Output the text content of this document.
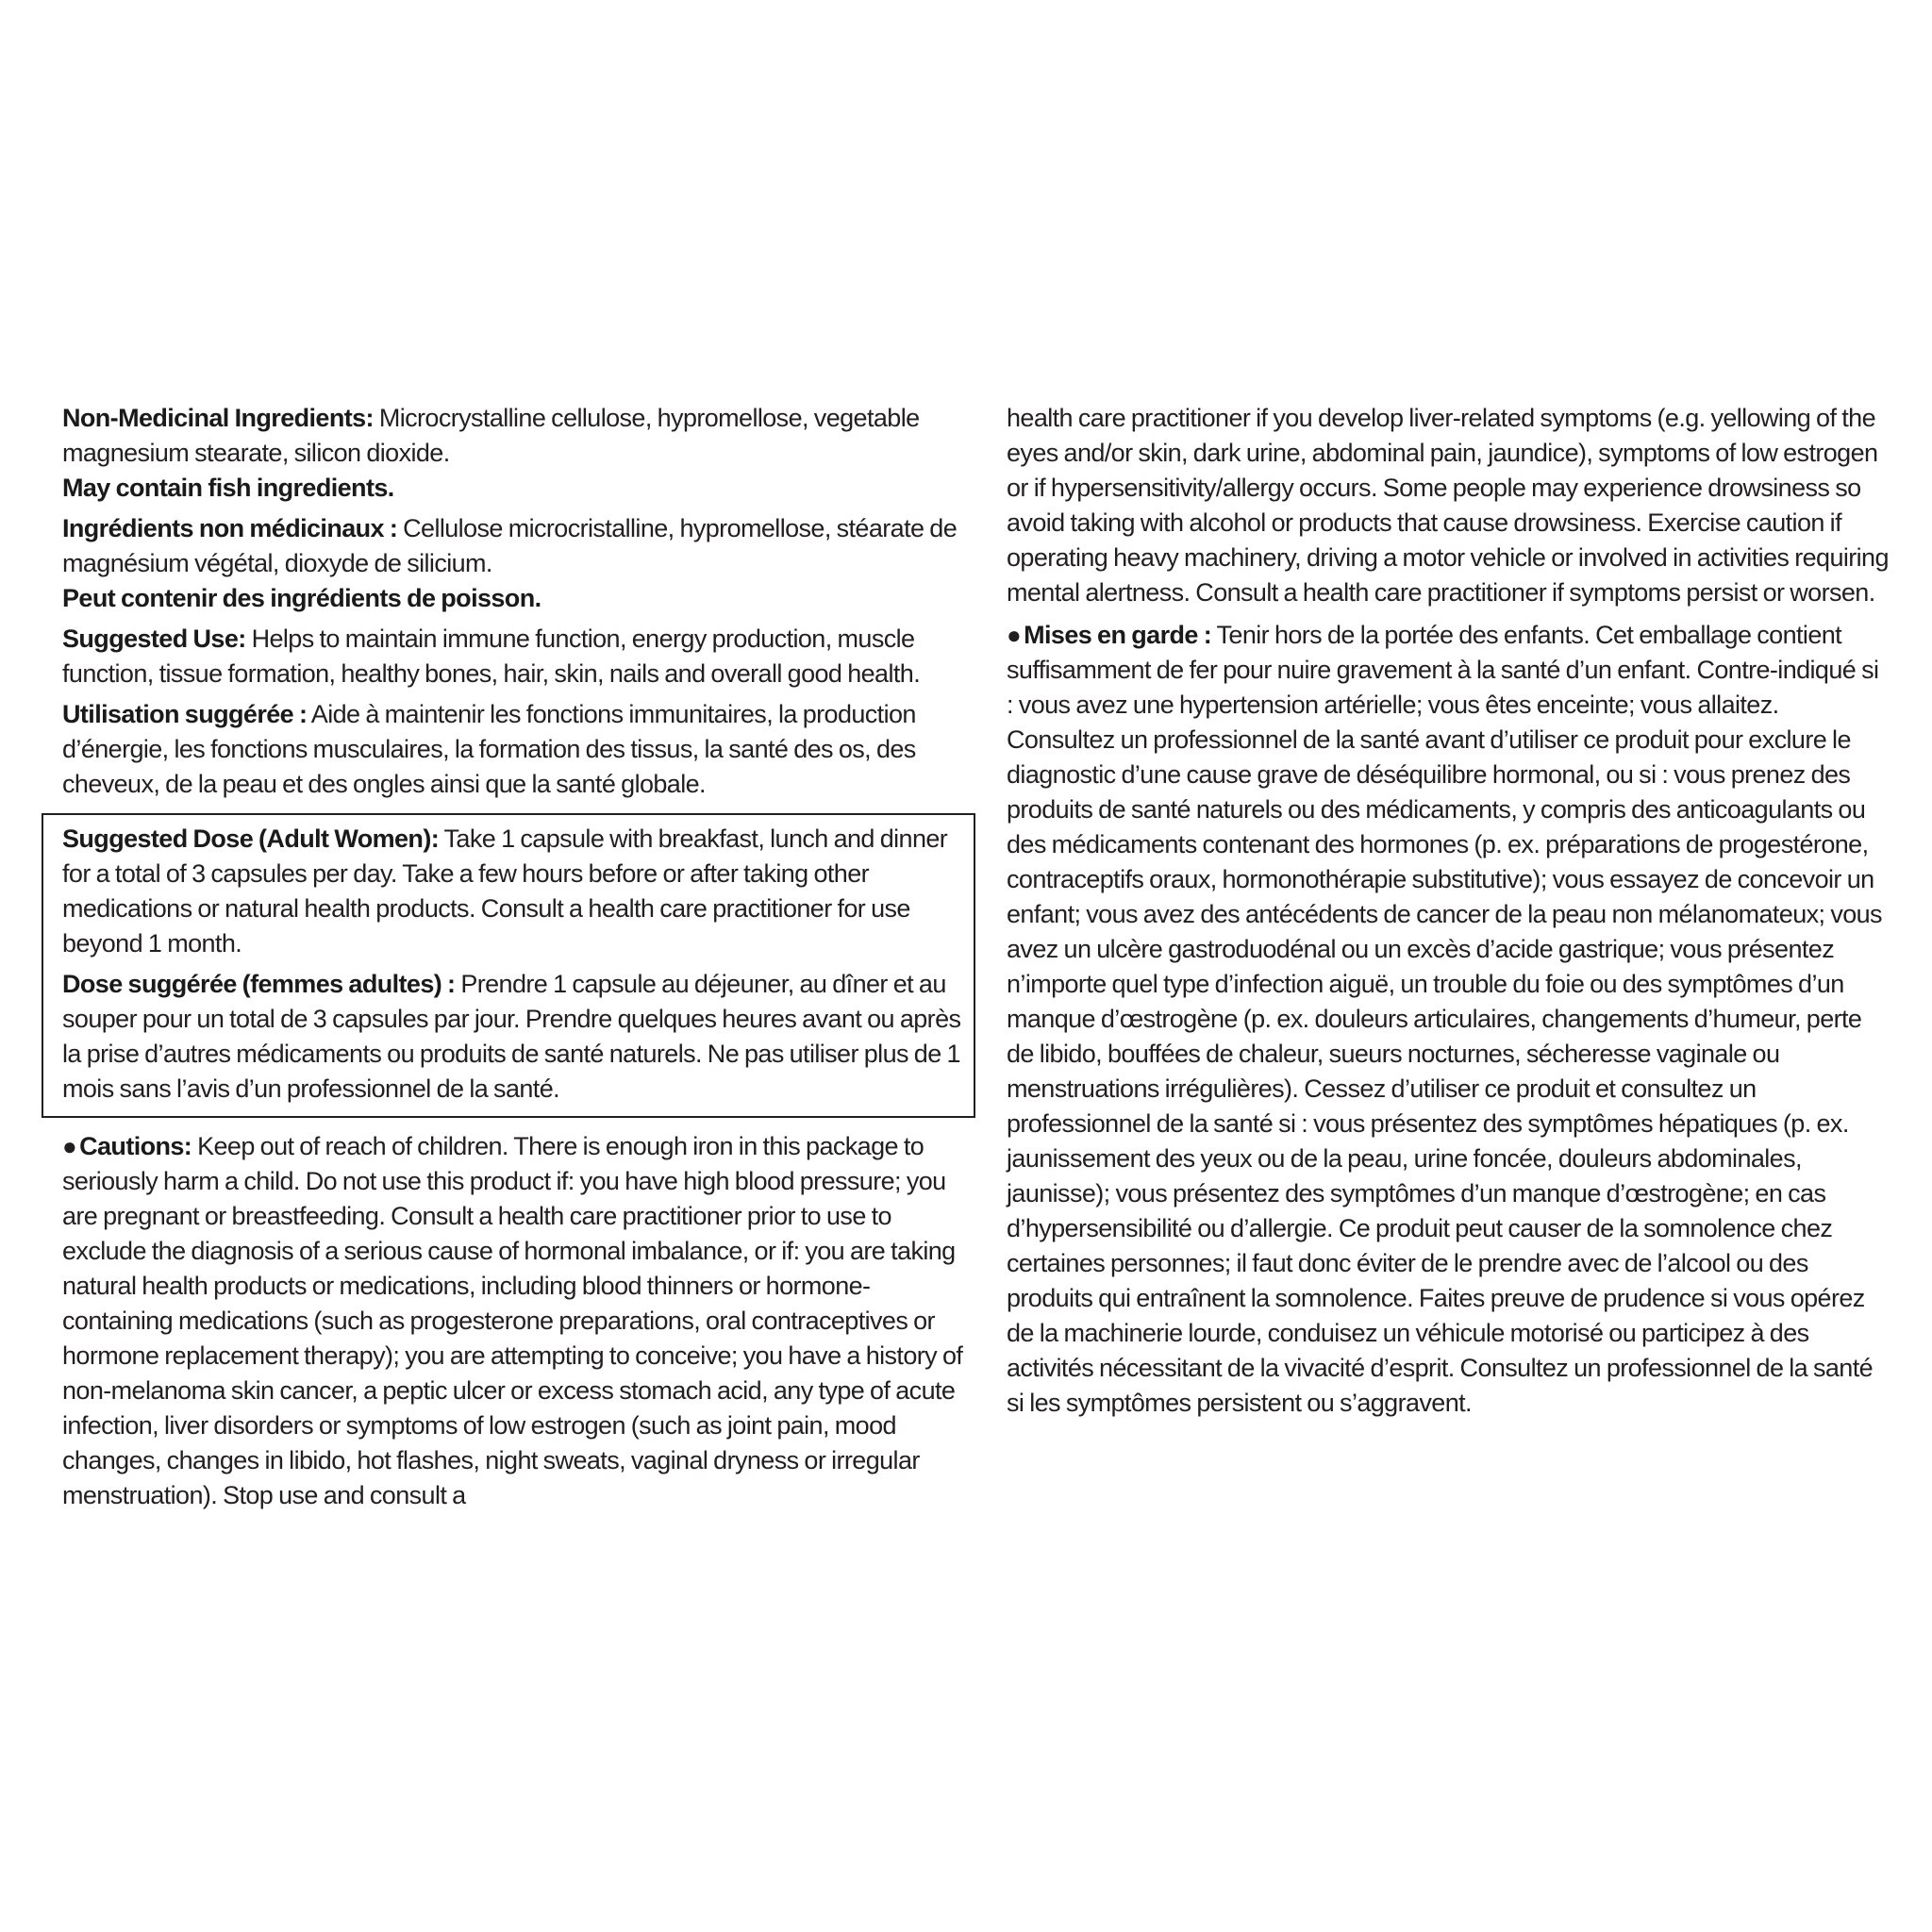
Non-Medicinal Ingredients: Microcrystalline cellulose, hypromellose, vegetable magnesium stearate, silicon dioxide.

May contain fish ingredients.

Ingrédients non médicinaux : Cellulose microcristalline, hypromellose, stéarate de magnésium végétal, dioxyde de silicium.

Peut contenir des ingrédients de poisson.

Suggested Use: Helps to maintain immune function, energy production, muscle function, tissue formation, healthy bones, hair, skin, nails and overall good health.

Utilisation suggérée : Aide à maintenir les fonctions immunitaires, la production d’énergie, les fonctions musculaires, la formation des tissus, la santé des os, des cheveux, de la peau et des ongles ainsi que la santé globale.

Suggested Dose (Adult Women): Take 1 capsule with breakfast, lunch and dinner for a total of 3 capsules per day. Take a few hours before or after taking other medications or natural health products. Consult a health care practitioner for use beyond 1 month.

Dose suggérée (femmes adultes) : Prendre 1 capsule au déjeuner, au dîner et au souper pour un total de 3 capsules par jour. Prendre quelques heures avant ou après la prise d’autres médicaments ou produits de santé naturels. Ne pas utiliser plus de 1 mois sans l’avis d’un professionnel de la santé.

● Cautions: Keep out of reach of children. There is enough iron in this package to seriously harm a child. Do not use this product if: you have high blood pressure; you are pregnant or breastfeeding. Consult a health care practitioner prior to use to exclude the diagnosis of a serious cause of hormonal imbalance, or if: you are taking natural health products or medications, including blood thinners or hormone-containing medications (such as progesterone preparations, oral contraceptives or hormone replacement therapy); you are attempting to conceive; you have a history of non-melanoma skin cancer, a peptic ulcer or excess stomach acid, any type of acute infection, liver disorders or symptoms of low estrogen (such as joint pain, mood changes, changes in libido, hot flashes, night sweats, vaginal dryness or irregular menstruation). Stop use and consult a

health care practitioner if you develop liver-related symptoms (e.g. yellowing of the eyes and/or skin, dark urine, abdominal pain, jaundice), symptoms of low estrogen or if hypersensitivity/allergy occurs. Some people may experience drowsiness so avoid taking with alcohol or products that cause drowsiness. Exercise caution if operating heavy machinery, driving a motor vehicle or involved in activities requiring mental alertness. Consult a health care practitioner if symptoms persist or worsen.

● Mises en garde : Tenir hors de la portée des enfants. Cet emballage contient suffisamment de fer pour nuire gravement à la santé d’un enfant. Contre-indiqué si : vous avez une hypertension artérielle; vous êtes enceinte; vous allaitez. Consultez un professionnel de la santé avant d’utiliser ce produit pour exclure le diagnostic d’une cause grave de déséquilibre hormonal, ou si : vous prenez des produits de santé naturels ou des médicaments, y compris des anticoagulants ou des médicaments contenant des hormones (p. ex. préparations de progestérone, contraceptifs oraux, hormonothérapie substitutive); vous essayez de concevoir un enfant; vous avez des antécédents de cancer de la peau non mélanomateux; vous avez un ulcère gastroduodénal ou un excès d’acide gastrique; vous présentez n’importe quel type d’infection aiguë, un trouble du foie ou des symptômes d’un manque d’œstrogène (p. ex. douleurs articulaires, changements d’humeur, perte de libido, bouffées de chaleur, sueurs nocturnes, sécheresse vaginale ou menstruations irrégulières). Cessez d’utiliser ce produit et consultez un professionnel de la santé si : vous présentez des symptômes hépatiques (p. ex. jaunissement des yeux ou de la peau, urine foncée, douleurs abdominales, jaunisse); vous présentez des symptômes d’un manque d’œstrogène; en cas d’hypersensibilité ou d’allergie. Ce produit peut causer de la somnolence chez certaines personnes; il faut donc éviter de le prendre avec de l’alcool ou des produits qui entraînent la somnolence. Faites preuve de prudence si vous opérez de la machinerie lourde, conduisez un véhicule motorisé ou participez à des activités nécessitant de la vivacité d’esprit. Consultez un professionnel de la santé si les symptômes persistent ou s’aggravent.
